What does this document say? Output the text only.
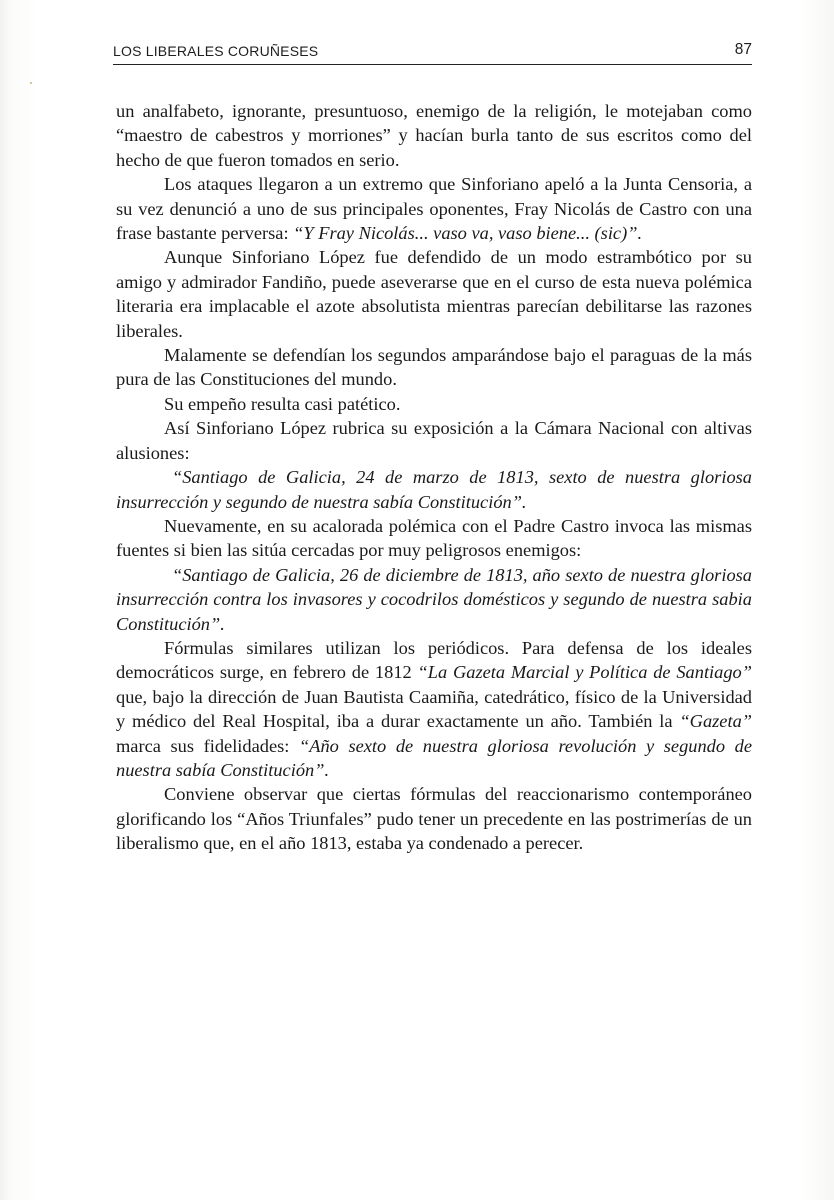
LOS LIBERALES CORUÑESES	87

un analfabeto, ignorante, presuntuoso, enemigo de la religión, le motejaban como “maestro de cabestros y morriones” y hacían burla tanto de sus escritos como del hecho de que fueron tomados en serio.

Los ataques llegaron a un extremo que Sinforiano apeló a la Junta Censoria, a su vez denunció a uno de sus principales oponentes, Fray Nicolás de Castro con una frase bastante perversa: “Y Fray Nicolás... vaso va, vaso biene... (sic)”.

Aunque Sinforiano López fue defendido de un modo estrambótico por su amigo y admirador Fandiño, puede aseverarse que en el curso de esta nueva polémica literaria era implacable el azote absolutista mientras parecían debilitarse las razones liberales.

Malamente se defendían los segundos amparándose bajo el paraguas de la más pura de las Constituciones del mundo.

Su empeño resulta casi patético.

Así Sinforiano López rubrica su exposición a la Cámara Nacional con altivas alusiones:

“Santiago de Galicia, 24 de marzo de 1813, sexto de nuestra gloriosa insurrección y segundo de nuestra sabía Constitución”.

Nuevamente, en su acalorada polémica con el Padre Castro invoca las mismas fuentes si bien las sitúa cercadas por muy peligrosos enemigos:

“Santiago de Galicia, 26 de diciembre de 1813, año sexto de nuestra gloriosa insurrección contra los invasores y cocodrilos domésticos y segundo de nuestra sabia Constitución”.

Fórmulas similares utilizan los periódicos. Para defensa de los ideales democráticos surge, en febrero de 1812 “La Gazeta Marcial y Política de Santiago” que, bajo la dirección de Juan Bautista Caamiña, catedrático, físico de la Universidad y médico del Real Hospital, iba a durar exactamente un año. También la “Gazeta” marca sus fidelidades: “Año sexto de nuestra gloriosa revolución y segundo de nuestra sabía Constitución”.

Conviene observar que ciertas fórmulas del reaccionarismo contemporáneo glorificando los “Años Triunfales” pudo tener un precedente en las postrimerías de un liberalismo que, en el año 1813, estaba ya condenado a perecer.
